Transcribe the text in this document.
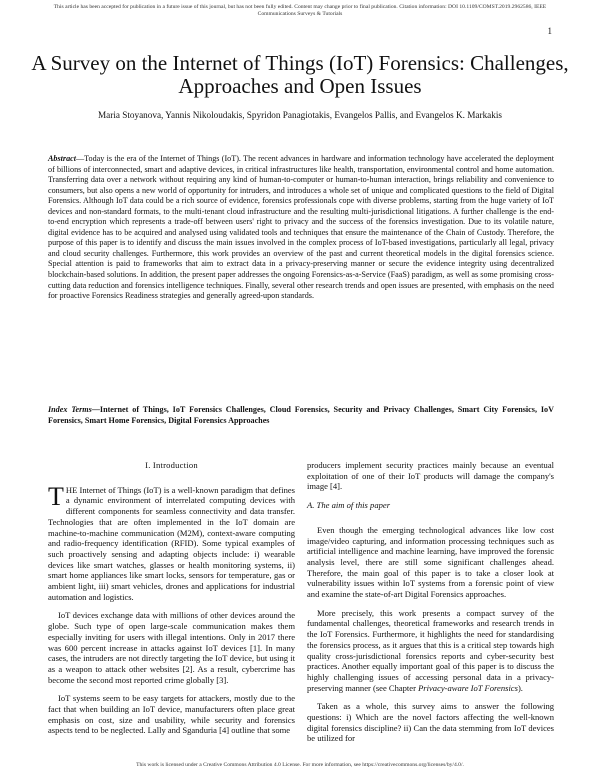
This article has been accepted for publication in a future issue of this journal, but has not been fully edited. Content may change prior to final publication. Citation information: DOI 10.1109/COMST.2019.2962586, IEEE
Communications Surveys & Tutorials
1
A Survey on the Internet of Things (IoT) Forensics: Challenges, Approaches and Open Issues
Maria Stoyanova, Yannis Nikoloudakis, Spyridon Panagiotakis, Evangelos Pallis, and Evangelos K. Markakis

Abstract—Today is the era of the Internet of Things (IoT). The recent advances in hardware and information technology have accelerated the deployment of billions of interconnected, smart and adaptive devices, in critical infrastructures like health, transportation, environmental control and home automation. Transferring data over a network without requiring any kind of human-to-computer or human-to-human interaction, brings reliability and convenience to consumers, but also opens a new world of opportunity for intruders, and introduces a whole set of unique and complicated questions to the field of Digital Forensics. Although IoT data could be a rich source of evidence, forensics professionals cope with diverse problems, starting from the huge variety of IoT devices and non-standard formats, to the multi-tenant cloud infrastructure and the resulting multi-jurisdictional litigations. A further challenge is the end-to-end encryption which represents a trade-off between users' right to privacy and the success of the forensics investigation. Due to its volatile nature, digital evidence has to be acquired and analysed using validated tools and techniques that ensure the maintenance of the Chain of Custody. Therefore, the purpose of this paper is to identify and discuss the main issues involved in the complex process of IoT-based investigations, particularly all legal, privacy and cloud security challenges. Furthermore, this work provides an overview of the past and current theoretical models in the digital forensics science. Special attention is paid to frameworks that aim to extract data in a privacy-preserving manner or secure the evidence integrity using decentralized blockchain-based solutions. In addition, the present paper addresses the ongoing Forensics-as-a-Service (FaaS) paradigm, as well as some promising cross-cutting data reduction and forensics intelligence techniques. Finally, several other research trends and open issues are presented, with emphasis on the need for proactive Forensics Readiness strategies and generally agreed-upon standards.

Index Terms—Internet of Things, IoT Forensics Challenges, Cloud Forensics, Security and Privacy Challenges, Smart City Forensics, IoV Forensics, Smart Home Forensics, Digital Forensics Approaches

I. Introduction

THE Internet of Things (IoT) is a well-known paradigm that defines a dynamic environment of interrelated computing devices with different components for seamless connectivity and data transfer. Technologies that are often implemented in the IoT domain are machine-to-machine communication (M2M), context-aware computing and radio-frequency identification (RFID). Some typical examples of such proactively sensing and adapting objects include: i) wearable devices like smart watches, glasses or health monitoring systems, ii) smart home appliances like smart locks, sensors for temperature, gas or ambient light, iii) smart vehicles, drones and applications for industrial automation and logistics.

IoT devices exchange data with millions of other devices around the globe. Such type of open large-scale communication makes them especially inviting for users with illegal intentions. Only in 2017 there was 600 percent increase in attacks against IoT devices [1]. In many cases, the intruders are not directly targeting the IoT device, but using it as a weapon to attack other websites [2]. As a result, cybercrime has become the second most reported crime globally [3].

IoT systems seem to be easy targets for attackers, mostly due to the fact that when building an IoT device, manufacturers often place great emphasis on cost, size and usability, while security and forensics aspects tend to be neglected. Lally and Sganduria [4] outline that some

producers implement security practices mainly because an eventual exploitation of one of their IoT products will damage the company's image [4].

A. The aim of this paper

Even though the emerging technological advances like low cost image/video capturing, and information processing techniques such as artificial intelligence and machine learning, have improved the forensic analysis level, there are still some significant challenges ahead. Therefore, the main goal of this paper is to take a closer look at vulnerability issues within IoT systems from a forensic point of view and examine the state-of-art Digital Forensics approaches.

More precisely, this work presents a compact survey of the fundamental challenges, theoretical frameworks and research trends in the IoT Forensics. Furthermore, it highlights the need for standardising the forensics process, as it argues that this is a critical step towards high quality cross-jurisdictional forensics reports and cyber-security best practices. Another equally important goal of this paper is to discuss the highly challenging issues of accessing personal data in a privacy-preserving manner (see Chapter Privacy-aware IoT Forensics).

Taken as a whole, this survey aims to answer the following questions: i) Which are the novel factors affecting the well-known digital forensics discipline? ii) Can the data stemming from IoT devices be utilized for

This work is licensed under a Creative Commons Attribution 4.0 License. For more information, see https://creativecommons.org/licenses/by/4.0/.
